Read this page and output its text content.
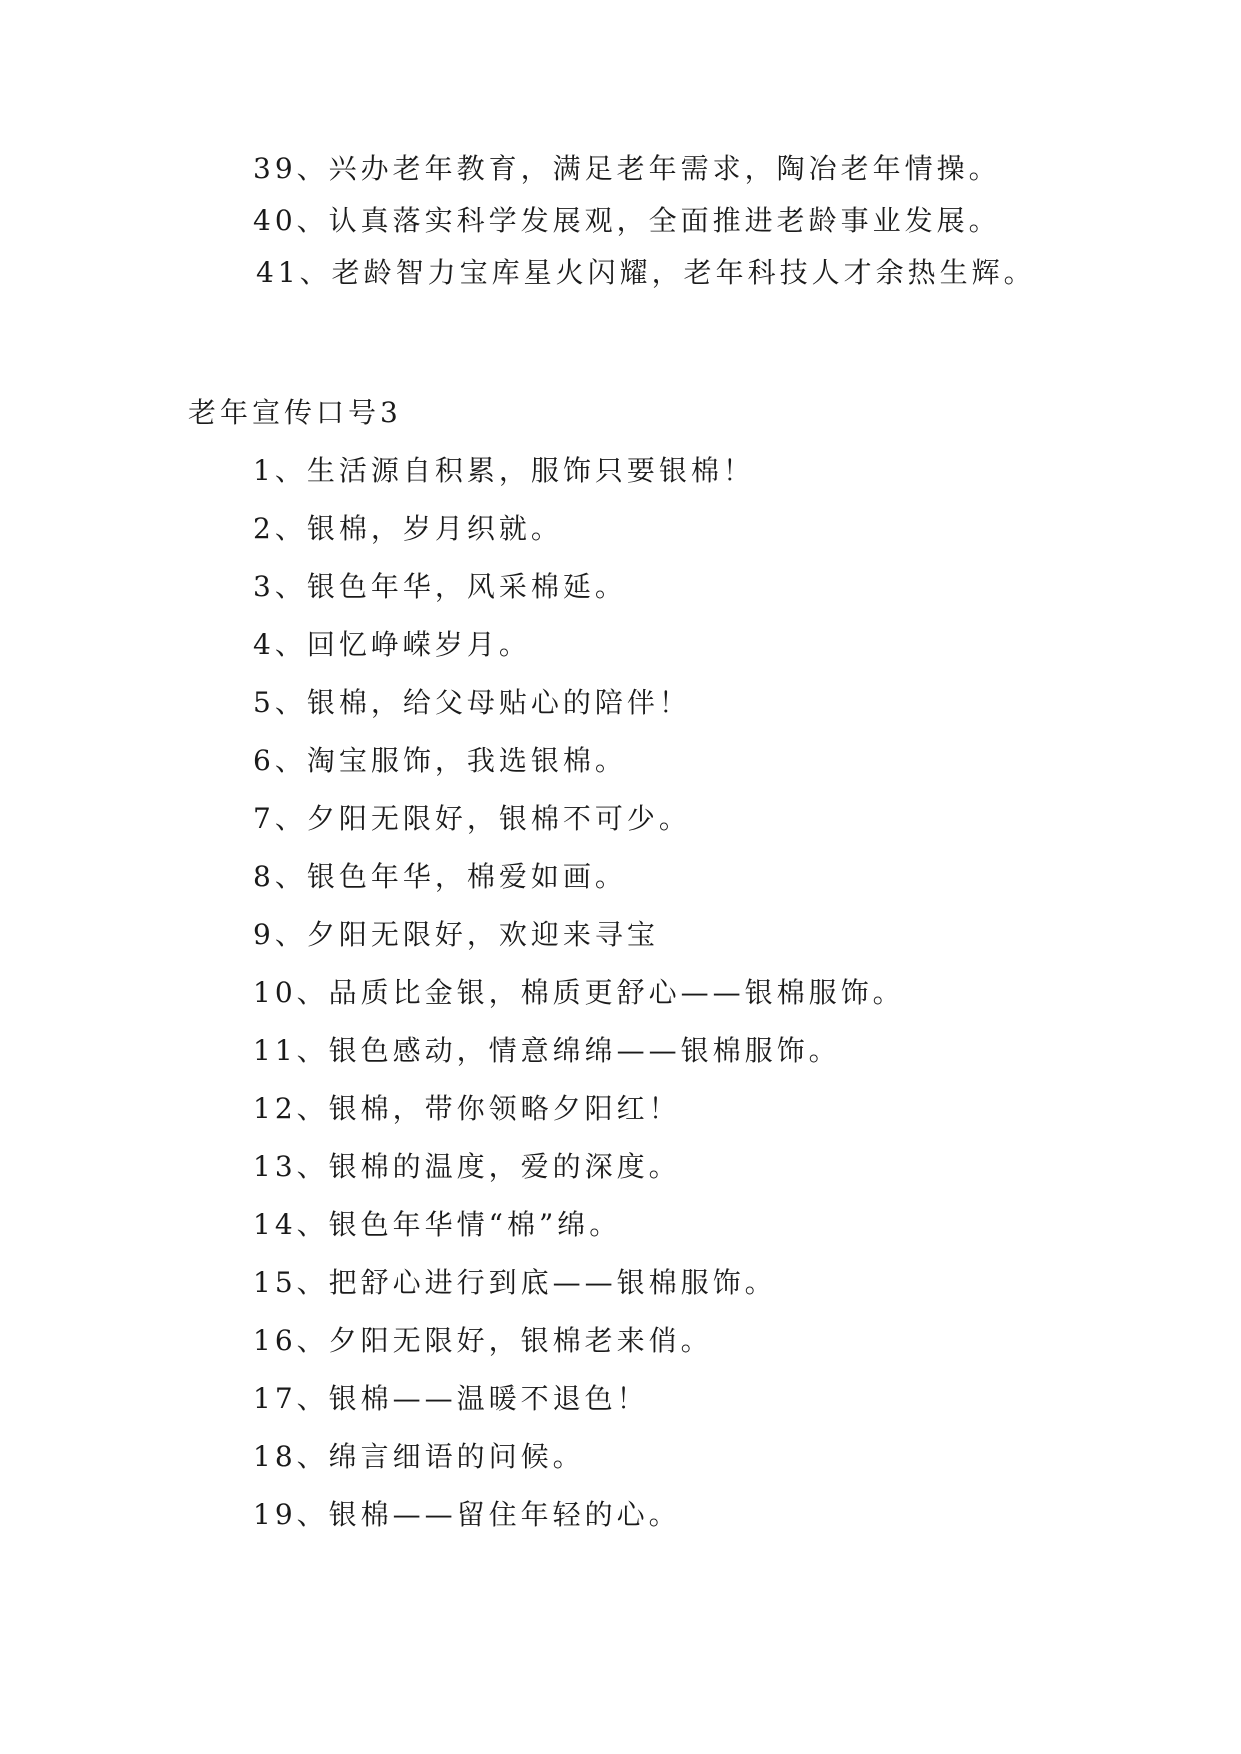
39、兴办老年教育，满足老年需求，陶冶老年情操。
40、认真落实科学发展观，全面推进老龄事业发展。
41、老龄智力宝库星火闪耀，老年科技人才余热生辉。
老年宣传口号3
1、生活源自积累，服饰只要银棉！
2、银棉，岁月织就。
3、银色年华，风采棉延。
4、回忆峥嵘岁月。
5、银棉，给父母贴心的陪伴！
6、淘宝服饰，我选银棉。
7、夕阳无限好，银棉不可少。
8、银色年华，棉爱如画。
9、夕阳无限好，欢迎来寻宝
10、品质比金银，棉质更舒心——银棉服饰。
11、银色感动，情意绵绵——银棉服饰。
12、银棉，带你领略夕阳红！
13、银棉的温度，爱的深度。
14、银色年华情“棉”绵。
15、把舒心进行到底——银棉服饰。
16、夕阳无限好，银棉老来俏。
17、银棉——温暖不退色！
18、绵言细语的问候。
19、银棉——留住年轻的心。
